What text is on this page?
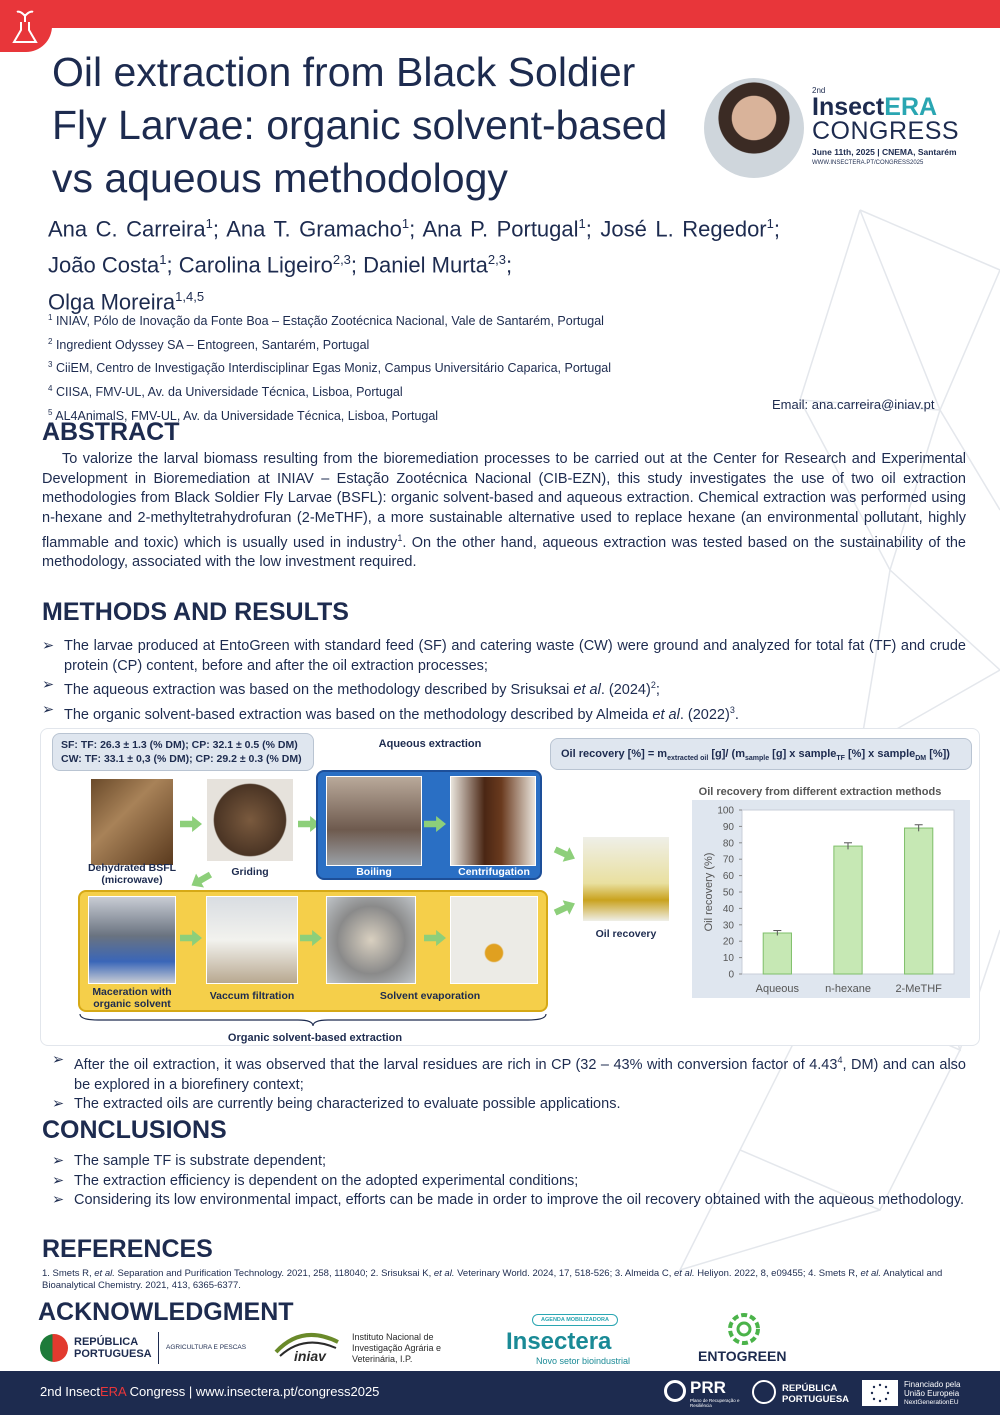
Oil extraction from Black Soldier
Fly Larvae: organic solvent-based
vs aqueous methodology
2nd
InsectERA
CONGRESS
June 11th, 2025 | CNEMA, Santarém
WWW.INSECTERA.PT/CONGRESS2025
Ana C. Carreira$^1$; Ana T. Gramacho$^1$; Ana P. Portugal$^1$; José L. Regedor$^1$; João Costa$^1$; Carolina Ligeiro$^{2,3}$; Daniel Murta$^{2,3}$;
Olga Moreira$^{1,4,5}$
$^1$ INIAV, Pólo de Inovação da Fonte Boa – Estação Zootécnica Nacional, Vale de Santarém, Portugal
$^2$ Ingredient Odyssey SA – Entogreen, Santarém, Portugal
$^3$ CiiEM, Centro de Investigação Interdisciplinar Egas Moniz, Campus Universitário Caparica, Portugal
$^4$ CIISA, FMV-UL, Av. da Universidade Técnica, Lisboa, Portugal
$^5$ AL4AnimalS, FMV-UL, Av. da Universidade Técnica, Lisboa, Portugal
Email: ana.carreira@iniav.pt
ABSTRACT
To valorize the larval biomass resulting from the bioremediation processes to be carried out at the Center for Research and Experimental Development in Bioremediation at INIAV – Estação Zootécnica Nacional (CIB-EZN), this study investigates the use of two oil extraction methodologies from Black Soldier Fly Larvae (BSFL): organic solvent-based and aqueous extraction. Chemical extraction was performed using n-hexane and 2-methyltetrahydrofuran (2-MeTHF), a more sustainable alternative used to replace hexane (an environmental pollutant, highly flammable and toxic) which is usually used in industry$^1$. On the other hand, aqueous extraction was tested based on the sustainability of the methodology, associated with the low investment required.
METHODS AND RESULTS
➢ The larvae produced at EntoGreen with standard feed (SF) and catering waste (CW) were ground and analyzed for total fat (TF) and crude protein (CP) content, before and after the oil extraction processes;
➢ The aqueous extraction was based on the methodology described by Srisuksai et al. $(2024)^2$;
➢ The organic solvent-based extraction was based on the methodology described by Almeida et al. $(2022)^3$.
SF: TF: 26.3 ± 1.3 (% DM); CP: 32.1 ± 0.5 (% DM)
CW: TF: 33.1 ± 0,3 (% DM); CP: 29.2 ± 0.3 (% DM)
Aqueous extraction
Oil recovery [%] = $m_{extracted oil}$ [g]/ ($m_{sample}$ [g] x sample$_{TF}$ [%] x sample$_{DM}$ [%])
Dehydrated BSFL (microwave)
Griding	Boiling	Centrifugation
Oil recovery
Maceration with organic solvent
Vaccum filtration	Solvent evaporation
Organic solvent-based extraction
Oil recovery from different extraction methods
0
10
20
30
40
50
60
70
80
90
100
Oil recovery (%)
Aqueous n-hexane 2-MeTHF
➢ After the oil extraction, it was observed that the larval residues are rich in CP (32 – 43% with conversion factor of 4.43$^4$, DM) and can also be explored in a biorefinery context;
➢ The extracted oils are currently being characterized to evaluate possible applications.
CONCLUSIONS
➢ The sample TF is substrate dependent;
➢ The extraction efficiency is dependent on the adopted experimental conditions;
➢ Considering its low environmental impact, efforts can be made in order to improve the oil recovery obtained with the aqueous methodology.
REFERENCES
1. Smets R, et al. Separation and Purification Technology. 2021, 258, 118040; 2. Srisuksai K, et al. Veterinary World. 2024, 17, 518-526; 3. Almeida C, et al. Heliyon. 2022, 8, e09455; 4. Smets R, et al. Analytical and Bioanalytical Chemistry. 2021, 413, 6365-6377.
ACKNOWLEDGMENT
REPÚBLICA
PORTUGUESA
AGRICULTURA E PESCAS
iniav
Instituto Nacional de
Investigação Agrária e
Veterinária, I.P.
AGENDA MOBILIZADORA
Insectera
Novo setor bioindustrial	ENTOGREEN
2nd InsectERA Congress | www.insectera.pt/congress2025	PRR
Plano de Recuperação e Resiliência
REPÚBLICA
PORTUGUESA
Financiado pela
União Europeia
NextGenerationEU
